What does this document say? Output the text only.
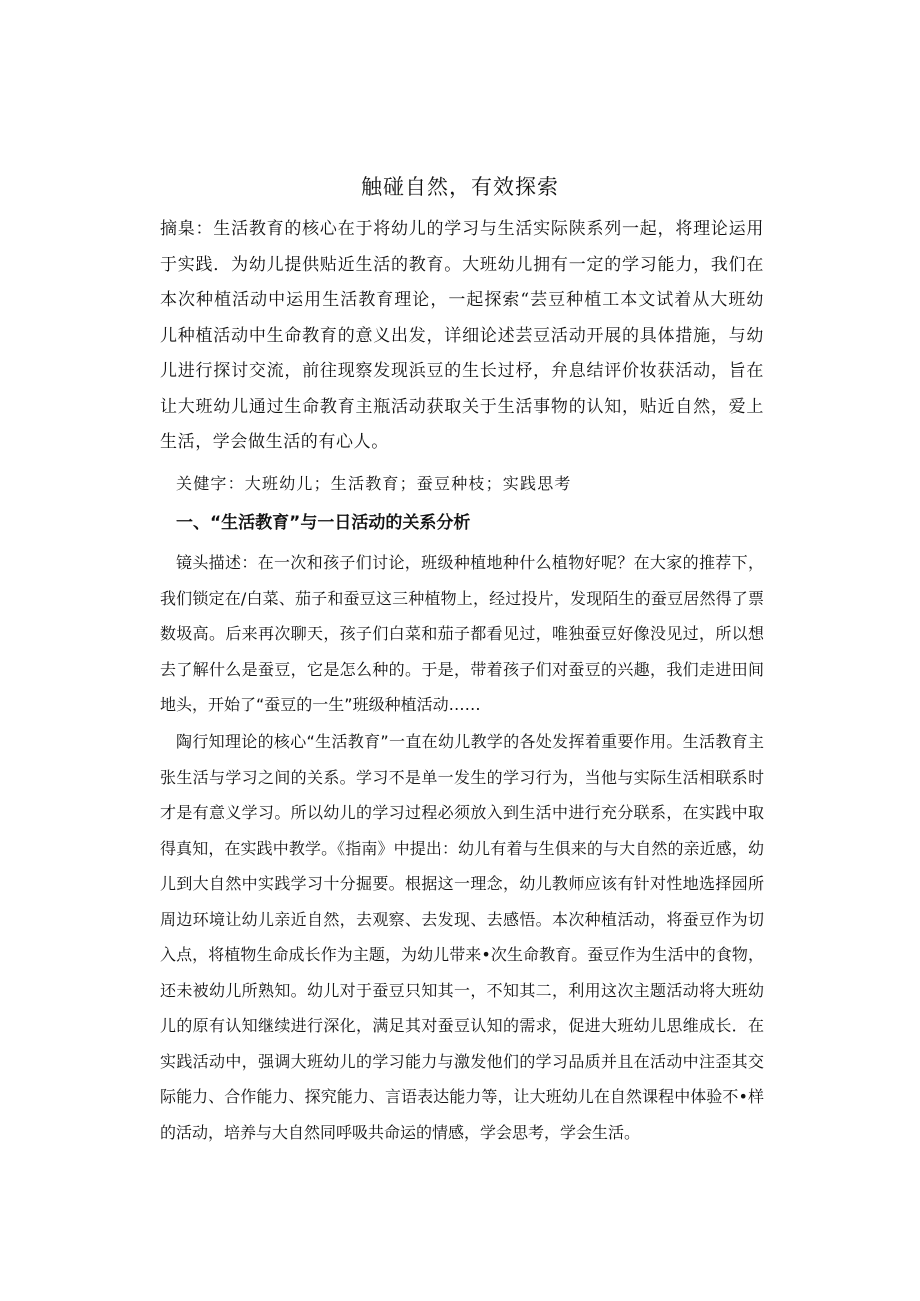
触碰自然，有效探索

摘臬：生活教育的核心在于将幼儿的学习与生活实际陕系列一起，将理论运用于实践．为幼儿提供贴近生活的教育。大班幼儿拥有一定的学习能力，我们在本次种植活动中运用生活教育理论，一起探索“芸豆种植工本文试着从大班幼儿种植活动中生命教育的意义出发，详细论述芸豆活动开展的具体措施，与幼儿进行探讨交流，前往现察发现浜豆的生长过杼，弁息结评价妆获活动，旨在让大班幼儿通过生命教育主瓶活动获取关于生活事物的认知，贴近自然，爱上生活，学会做生活的有心人。

关健字：大班幼儿；生活教育；蚕豆种枝；实践思考

一、“生活教育”与一日活动的关系分析

镜头描述：在一次和孩子们讨论，班级种植地种什么植物好呢？在大家的推荐下，我们锁定在/白菜、茄子和蚕豆这三种植物上，经过投片，发现陌生的蚕豆居然得了票数圾高。后来再次聊天，孩子们白菜和茄子都看见过，唯独蚕豆好像没见过，所以想去了解什么是蚕豆，它是怎么种的。于是，带着孩子们对蚕豆的兴趣，我们走进田间地头，开始了“蚕豆的一生”班级种植活动……

陶行知理论的核心“生活教育”一直在幼儿教学的各处发挥着重要作用。生活教育主张生活与学习之间的关系。学习不是单一发生的学习行为，当他与实际生活相联系时才是有意义学习。所以幼儿的学习过程必须放入到生活中进行充分联系，在实践中取得真知，在实践中教学。《指南》中提出：幼儿有着与生俱来的与大自然的亲近感，幼儿到大自然中实践学习十分掘要。根据这一理念，幼儿教师应该有针对性地选择园所周边环境让幼儿亲近自然，去观察、去发现、去感悟。本次种植活动，将蚕豆作为切入点，将植物生命成长作为主题，为幼儿带来•次生命教育。蚕豆作为生活中的食物，还未被幼儿所熟知。幼儿对于蚕豆只知其一，不知其二，利用这次主题活动将大班幼儿的原有认知继续进行深化，满足其对蚕豆认知的需求，促进大班幼儿思维成长．在实践活动中，强调大班幼儿的学习能力与激发他们的学习品质并且在活动中注歪其交际能力、合作能力、探究能力、言语表达能力等，让大班幼儿在自然课程中体验不•样的活动，培养与大自然同呼吸共命运的情感，学会思考，学会生活。
